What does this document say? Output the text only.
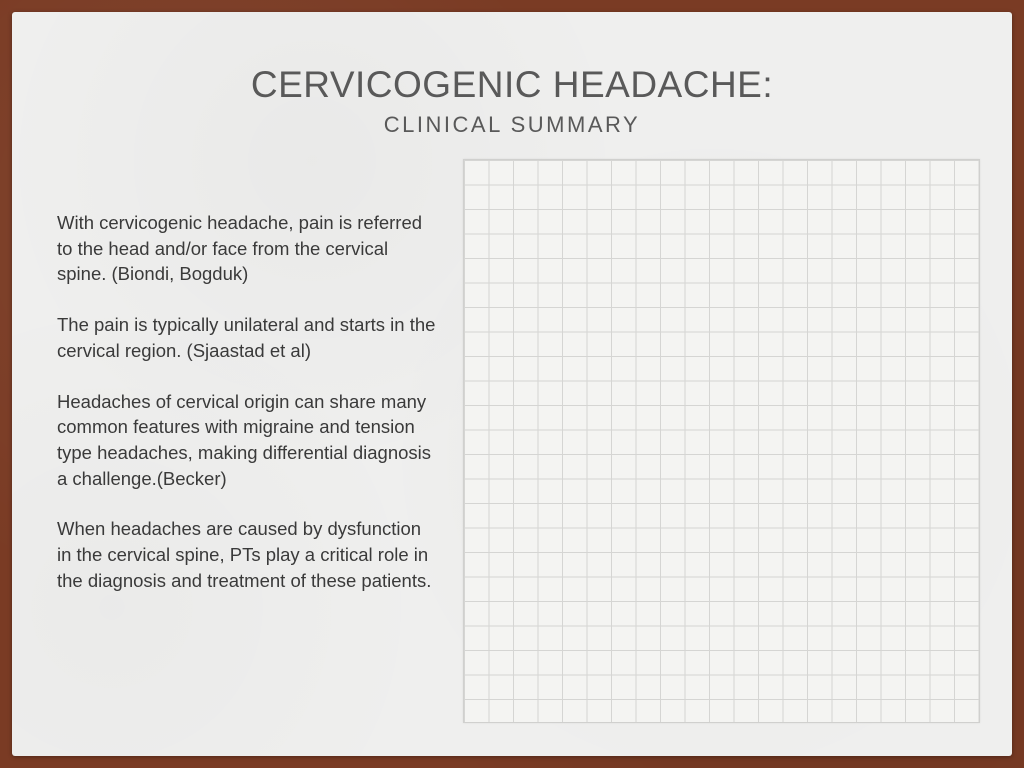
CERVICOGENIC HEADACHE:
CLINICAL SUMMARY
With cervicogenic headache, pain is referred to the head and/or face from the cervical spine. (Biondi, Bogduk)
The pain is typically unilateral and starts in the cervical region. (Sjaastad et al)
Headaches of cervical origin can share many common features with migraine and tension type headaches, making differential diagnosis a challenge.(Becker)
When headaches are caused by dysfunction in the cervical spine, PTs play a critical role in the diagnosis and treatment of these patients.
